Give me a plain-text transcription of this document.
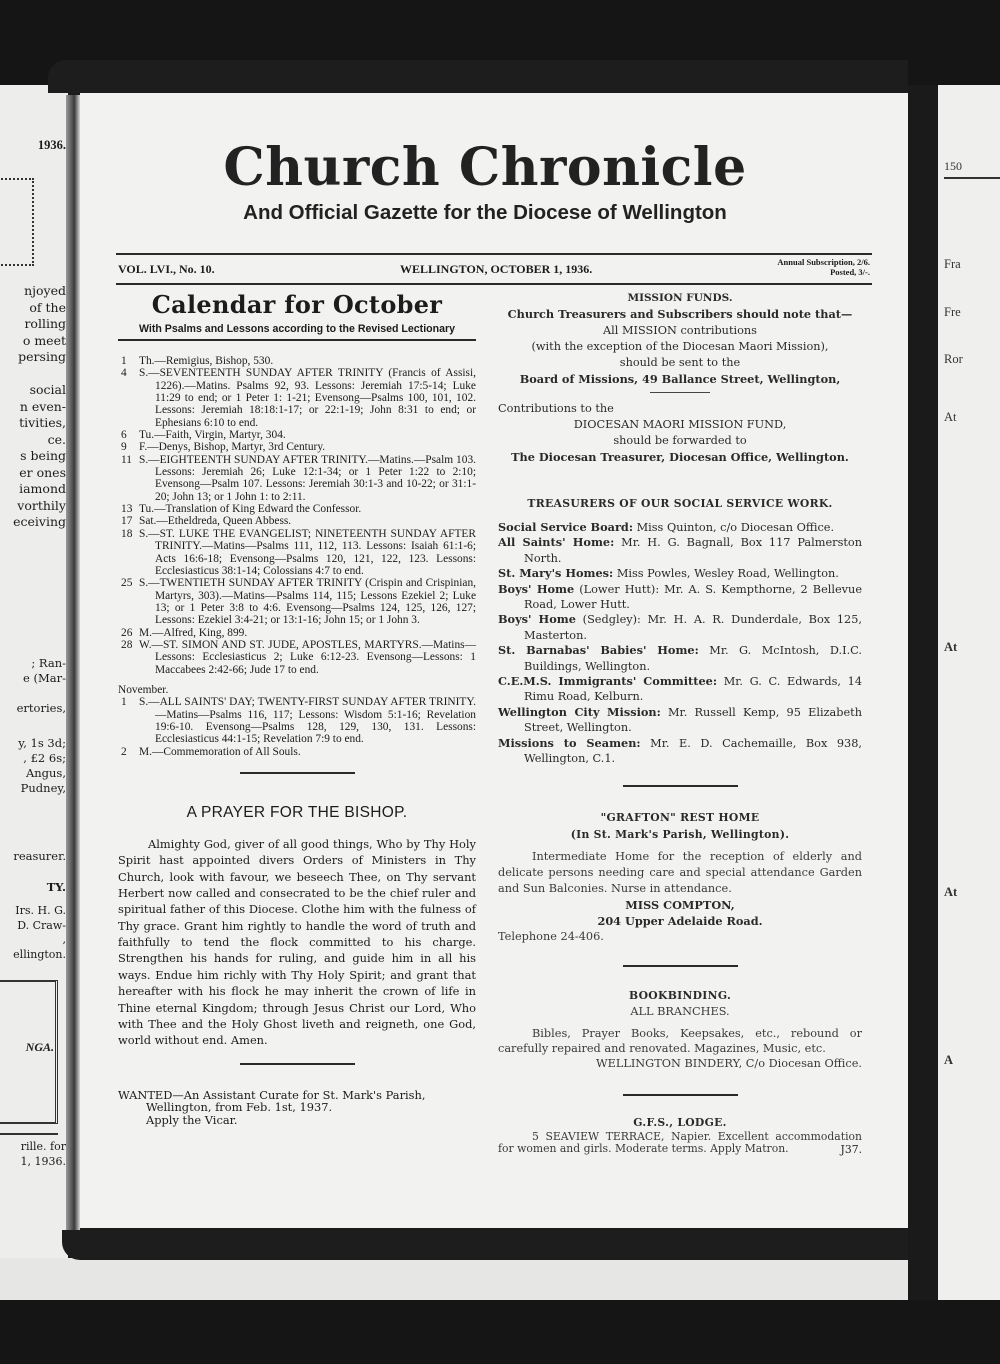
1936.
njoyed
of the
rolling
o meet
persing

social
n even-
tivities,
ce.
s being
er ones
iamond
vorthily
eceiving
; Ran-
e (Mar-

ertories,
y, 1s 3d;
, £2 6s;
Angus,
Pudney,
reasurer.
TY.
Irs. H. G.
D. Craw-
,
ellington.
NGA.
rille. for
1, 1936.
150
Fra
Fre
Ror
At
At
At
A
Church Chronicle
And Official Gazette for the Diocese of Wellington
VOL. LVI., No. 10.	WELLINGTON, OCTOBER 1, 1936.	Annual Subscription, 2/6.
Posted, 3/-.
Calendar for October
With Psalms and Lessons according to the Revised Lectionary
1	Th.—Remigius, Bishop, 530.
4	S.—SEVENTEENTH SUNDAY AFTER TRINITY (Francis of Assisi, 1226).—Matins. Psalms 92, 93. Lessons: Jeremiah 17:5-14; Luke 11:29 to end; or 1 Peter 1: 1-21; Evensong—Psalms 100, 101, 102. Lessons: Jeremiah 18:18:1-17; or 22:1-19; John 8:31 to end; or Ephesians 6:10 to end.
6	Tu.—Faith, Virgin, Martyr, 304.
9	F.—Denys, Bishop, Martyr, 3rd Century.
11 S.—EIGHTEENTH SUNDAY AFTER TRINITY.—Matins.—Psalm 103. Lessons: Jeremiah 26; Luke 12:1-34; or 1 Peter 1:22 to 2:10; Evensong—Psalm 107. Lessons: Jeremiah 30:1-3 and 10-22; or 31:1-20; John 13; or 1 John 1: to 2:11.
13 Tu.—Translation of King Edward the Confessor.
17 Sat.—Etheldreda, Queen Abbess.
18 S.—ST. LUKE THE EVANGELIST; NINETEENTH SUNDAY AFTER TRINITY.—Matins—Psalms 111, 112, 113. Lessons: Isaiah 61:1-6; Acts 16:6-18; Evensong—Psalms 120, 121, 122, 123. Lessons: Ecclesiasticus 38:1-14; Colossians 4:7 to end.
25 S.—TWENTIETH SUNDAY AFTER TRINITY (Crispin and Crispinian, Martyrs, 303).—Matins—Psalms 114, 115; Lessons Ezekiel 2; Luke 13; or 1 Peter 3:8 to 4:6. Evensong—Psalms 124, 125, 126, 127; Lessons: Ezekiel 3:4-21; or 13:1-16; John 15; or 1 John 3.
26 M.—Alfred, King, 899.
28 W.—ST. SIMON AND ST. JUDE, APOSTLES, MARTYRS.—Matins—Lessons: Ecclesiasticus 2; Luke 6:12-23. Evensong—Lessons: 1 Maccabees 2:42-66; Jude 17 to end.
November.
1	S.—ALL SAINTS' DAY; TWENTY-FIRST SUNDAY AFTER TRINITY.—Matins—Psalms 116, 117; Lessons: Wisdom 5:1-16; Revelation 19:6-10. Evensong—Psalms 128, 129, 130, 131. Lessons: Ecclesiasticus 44:1-15; Revelation 7:9 to end.
2	M.—Commemoration of All Souls.
A PRAYER FOR THE BISHOP.
Almighty God, giver of all good things, Who by Thy Holy Spirit hast appointed divers Orders of Ministers in Thy Church, look with favour, we beseech Thee, on Thy servant Herbert now called and consecrated to be the chief ruler and spiritual father of this Diocese. Clothe him with the fulness of Thy grace. Grant him rightly to handle the word of truth and faithfully to tend the flock committed to his charge. Strengthen his hands for ruling, and guide him in all his ways. Endue him richly with Thy Holy Spirit; and grant that hereafter with his flock he may inherit the crown of life in Thine eternal Kingdom; through Jesus Christ our Lord, Who with Thee and the Holy Ghost liveth and reigneth, one God, world without end. Amen.
WANTED—An Assistant Curate for St. Mark's Parish,
Wellington, from Feb. 1st, 1937.
Apply the Vicar.
MISSION FUNDS.
Church Treasurers and Subscribers should note that—
All MISSION contributions
(with the exception of the Diocesan Maori Mission),
should be sent to the
Board of Missions, 49 Ballance Street, Wellington,
Contributions to the
DIOCESAN MAORI MISSION FUND,
should be forwarded to
The Diocesan Treasurer, Diocesan Office, Wellington.
TREASURERS OF OUR SOCIAL SERVICE WORK.
Social Service Board: Miss Quinton, c/o Diocesan Office.
All Saints' Home: Mr. H. G. Bagnall, Box 117 Palmerston North.
St. Mary's Homes: Miss Powles, Wesley Road, Wellington.
Boys' Home (Lower Hutt): Mr. A. S. Kempthorne, 2 Bellevue Road, Lower Hutt.
Boys' Home (Sedgley): Mr. H. A. R. Dunderdale, Box 125, Masterton.
St. Barnabas' Babies' Home: Mr. G. McIntosh, D.I.C. Buildings, Wellington.
C.E.M.S. Immigrants' Committee: Mr. G. C. Edwards, 14 Rimu Road, Kelburn.
Wellington City Mission: Mr. Russell Kemp, 95 Elizabeth Street, Wellington.
Missions to Seamen: Mr. E. D. Cachemaille, Box 938, Wellington, C.1.
"GRAFTON" REST HOME
(In St. Mark's Parish, Wellington).
Intermediate Home for the reception of elderly and delicate persons needing care and special attendance Garden and Sun Balconies. Nurse in attendance.
MISS COMPTON,
204 Upper Adelaide Road.
Telephone 24-406.
BOOKBINDING.
ALL BRANCHES.
Bibles, Prayer Books, Keepsakes, etc., rebound or carefully repaired and renovated. Magazines, Music, etc.
WELLINGTON BINDERY, C/o Diocesan Office.
G.F.S., LODGE.
5 SEAVIEW TERRACE, Napier. Excellent accommodation for women and girls. Moderate terms. Apply Matron.	J37.
